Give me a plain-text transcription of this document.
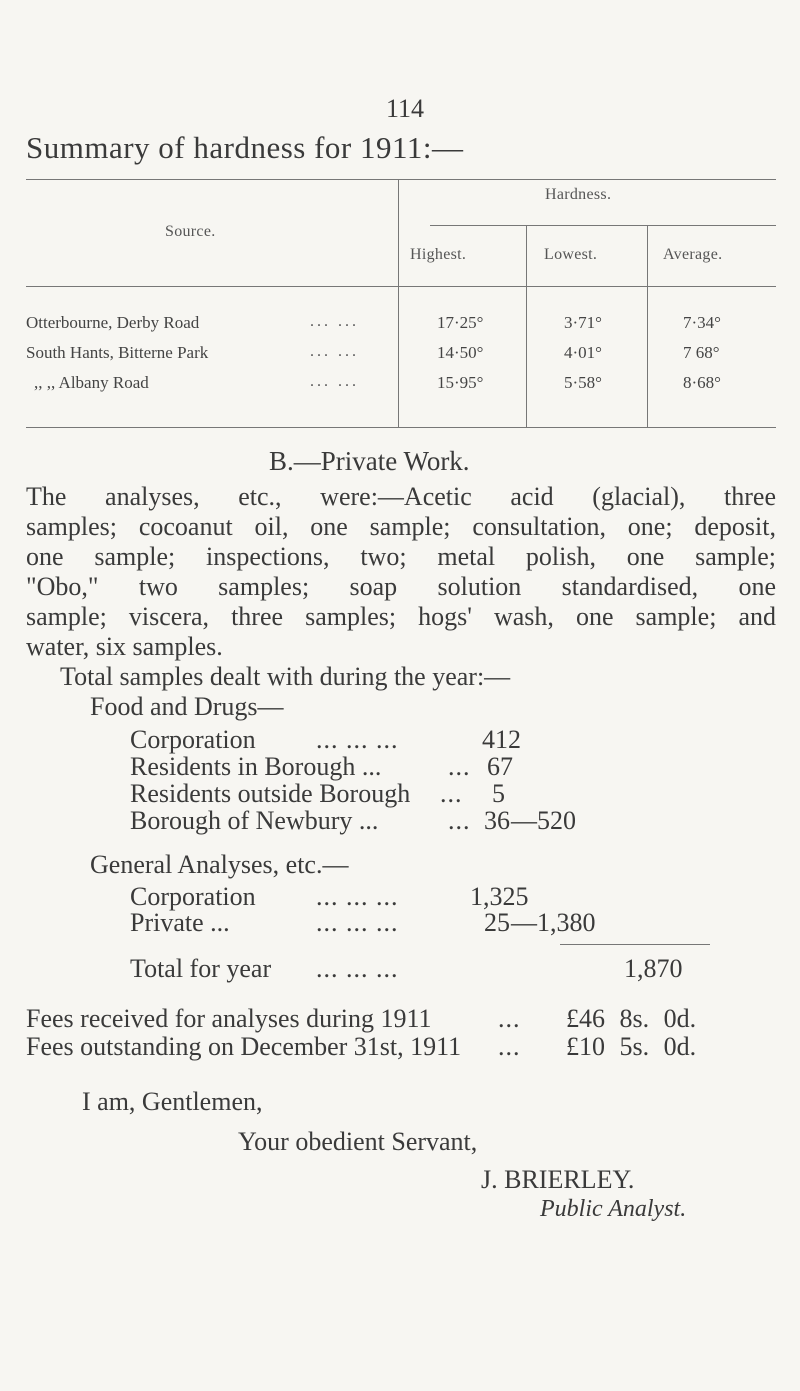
114
Summary of hardness for 1911:—
Source.
Hardness.
Highest.	Lowest.	Average.
Otterbourne, Derby Road	... ...	17·25°	3·71°	7·34°
South Hants, Bitterne Park	... ...	14·50°	4·01°	7 68°
,, ,, Albany Road	... ...	15·95°	5·58°	8·68°
B.—Private Work.
The analyses, etc., were:—Acetic acid (glacial), three
samples; cocoanut oil, one sample; consultation, one; deposit,
one sample; inspections, two; metal polish, one sample;
"Obo," two samples; soap solution standardised, one
sample; viscera, three samples; hogs' wash, one sample; and
water, six samples.
Total samples dealt with during the year:—
Food and Drugs—
Corporation ... ... ...	412
Residents in Borough ...	... 67
Residents outside Borough ... 5
Borough of Newbury ...	... 36 —520
General Analyses, etc.—
Corporation ... ... ...	1,325
Private ...	... ... ...	25 —1,380
Total for year ... ... ...	1,870
Fees received for analyses during 1911	... £46 8s. 0d.
Fees outstanding on December 31st, 1911 ... £10 5s. 0d.
I am, Gentlemen,
Your obedient Servant,
J. BRIERLEY.
Public Analyst.
